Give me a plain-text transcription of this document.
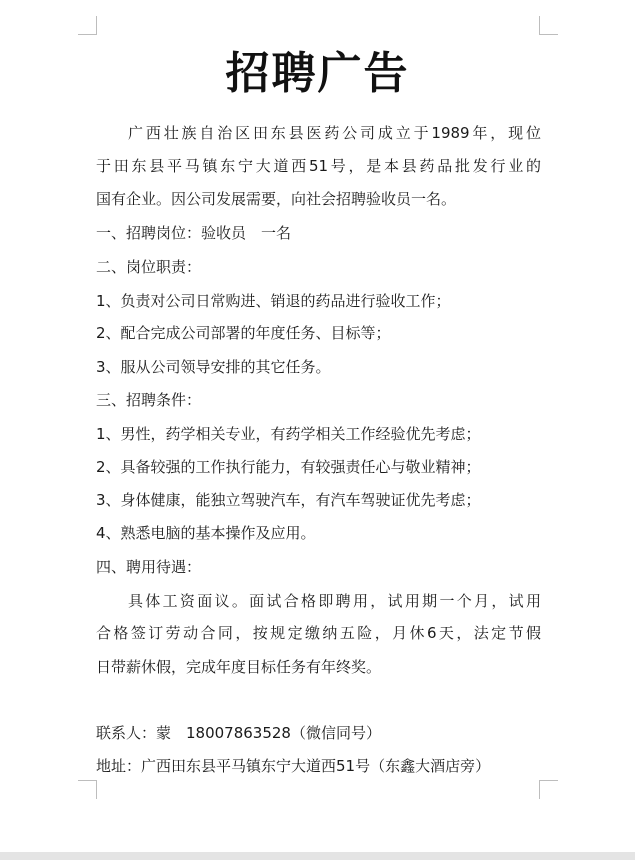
招聘广告
广西壮族自治区田东县医药公司成立于1989年，现位
于田东县平马镇东宁大道西51号，是本县药品批发行业的
国有企业。因公司发展需要，向社会招聘验收员一名。
一、招聘岗位：验收员　一名
二、岗位职责：
1、负责对公司日常购进、销退的药品进行验收工作；
2、配合完成公司部署的年度任务、目标等；
3、服从公司领导安排的其它任务。
三、招聘条件：
1、男性，药学相关专业，有药学相关工作经验优先考虑；
2、具备较强的工作执行能力，有较强责任心与敬业精神；
3、身体健康，能独立驾驶汽车，有汽车驾驶证优先考虑；
4、熟悉电脑的基本操作及应用。
四、聘用待遇：
具体工资面议。面试合格即聘用，试用期一个月，试用
合格签订劳动合同，按规定缴纳五险，月休6天，法定节假
日带薪休假，完成年度目标任务有年终奖。
联系人：蒙　18007863528（微信同号）
地址：广西田东县平马镇东宁大道西51号（东鑫大酒店旁）
